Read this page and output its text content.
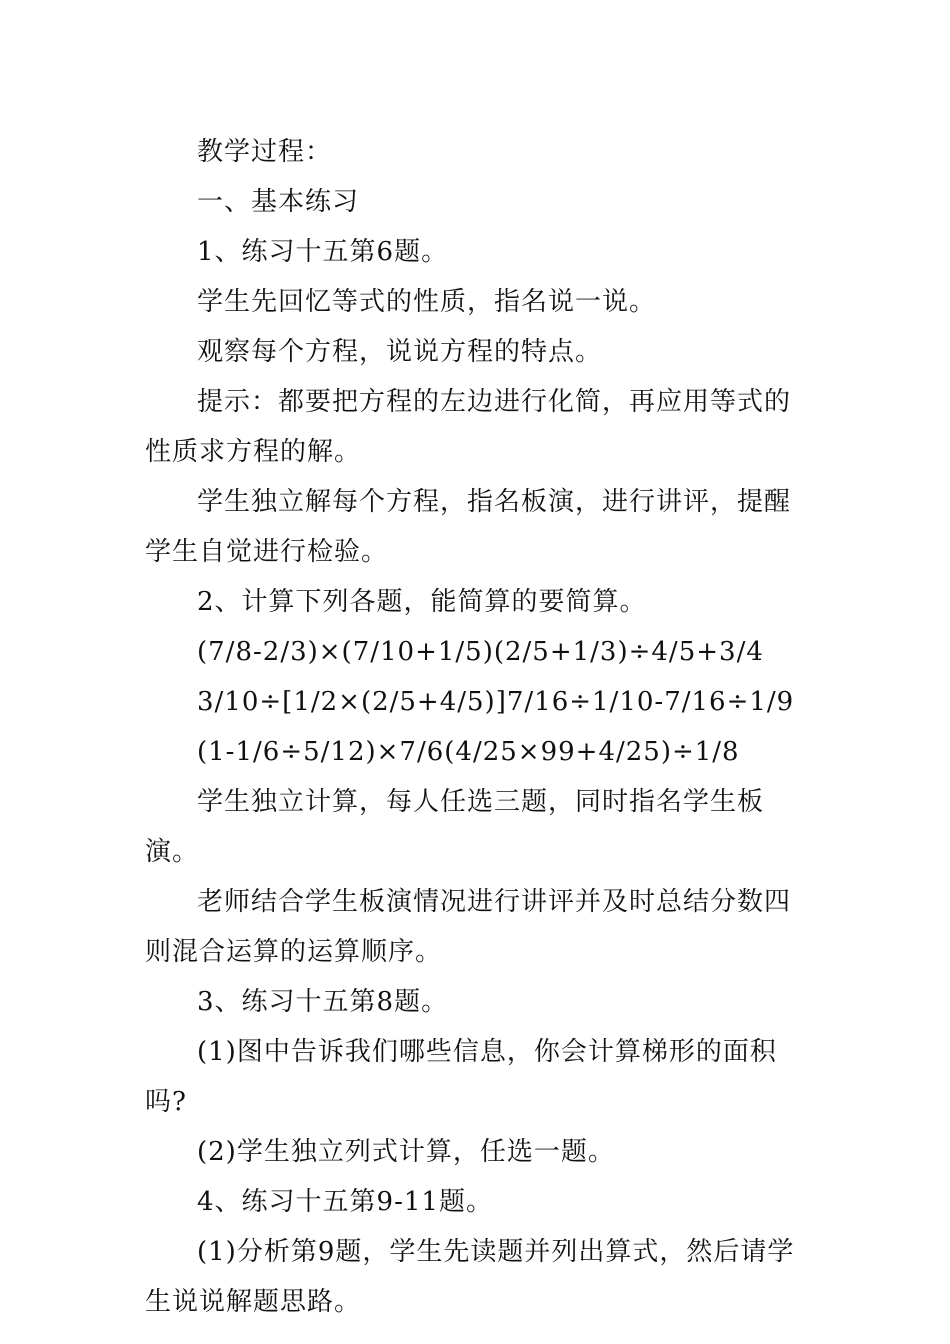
教学过程：

一、基本练习

1、练习十五第6题。

学生先回忆等式的性质，指名说一说。

观察每个方程，说说方程的特点。

提示：都要把方程的左边进行化简，再应用等式的性质求方程的解。

学生独立解每个方程，指名板演，进行讲评，提醒学生自觉进行检验。

2、计算下列各题，能简算的要简算。

(7/8-2/3)×(7/10+1/5)(2/5+1/3)÷4/5+3/4

3/10÷[1/2×(2/5+4/5)]7/16÷1/10-7/16÷1/9

(1-1/6÷5/12)×7/6(4/25×99+4/25)÷1/8

学生独立计算，每人任选三题，同时指名学生板演。

老师结合学生板演情况进行讲评并及时总结分数四则混合运算的运算顺序。

3、练习十五第8题。

(1)图中告诉我们哪些信息，你会计算梯形的面积吗?

(2)学生独立列式计算，任选一题。

4、练习十五第9-11题。

(1)分析第9题，学生先读题并列出算式，然后请学生说说解题思路。
